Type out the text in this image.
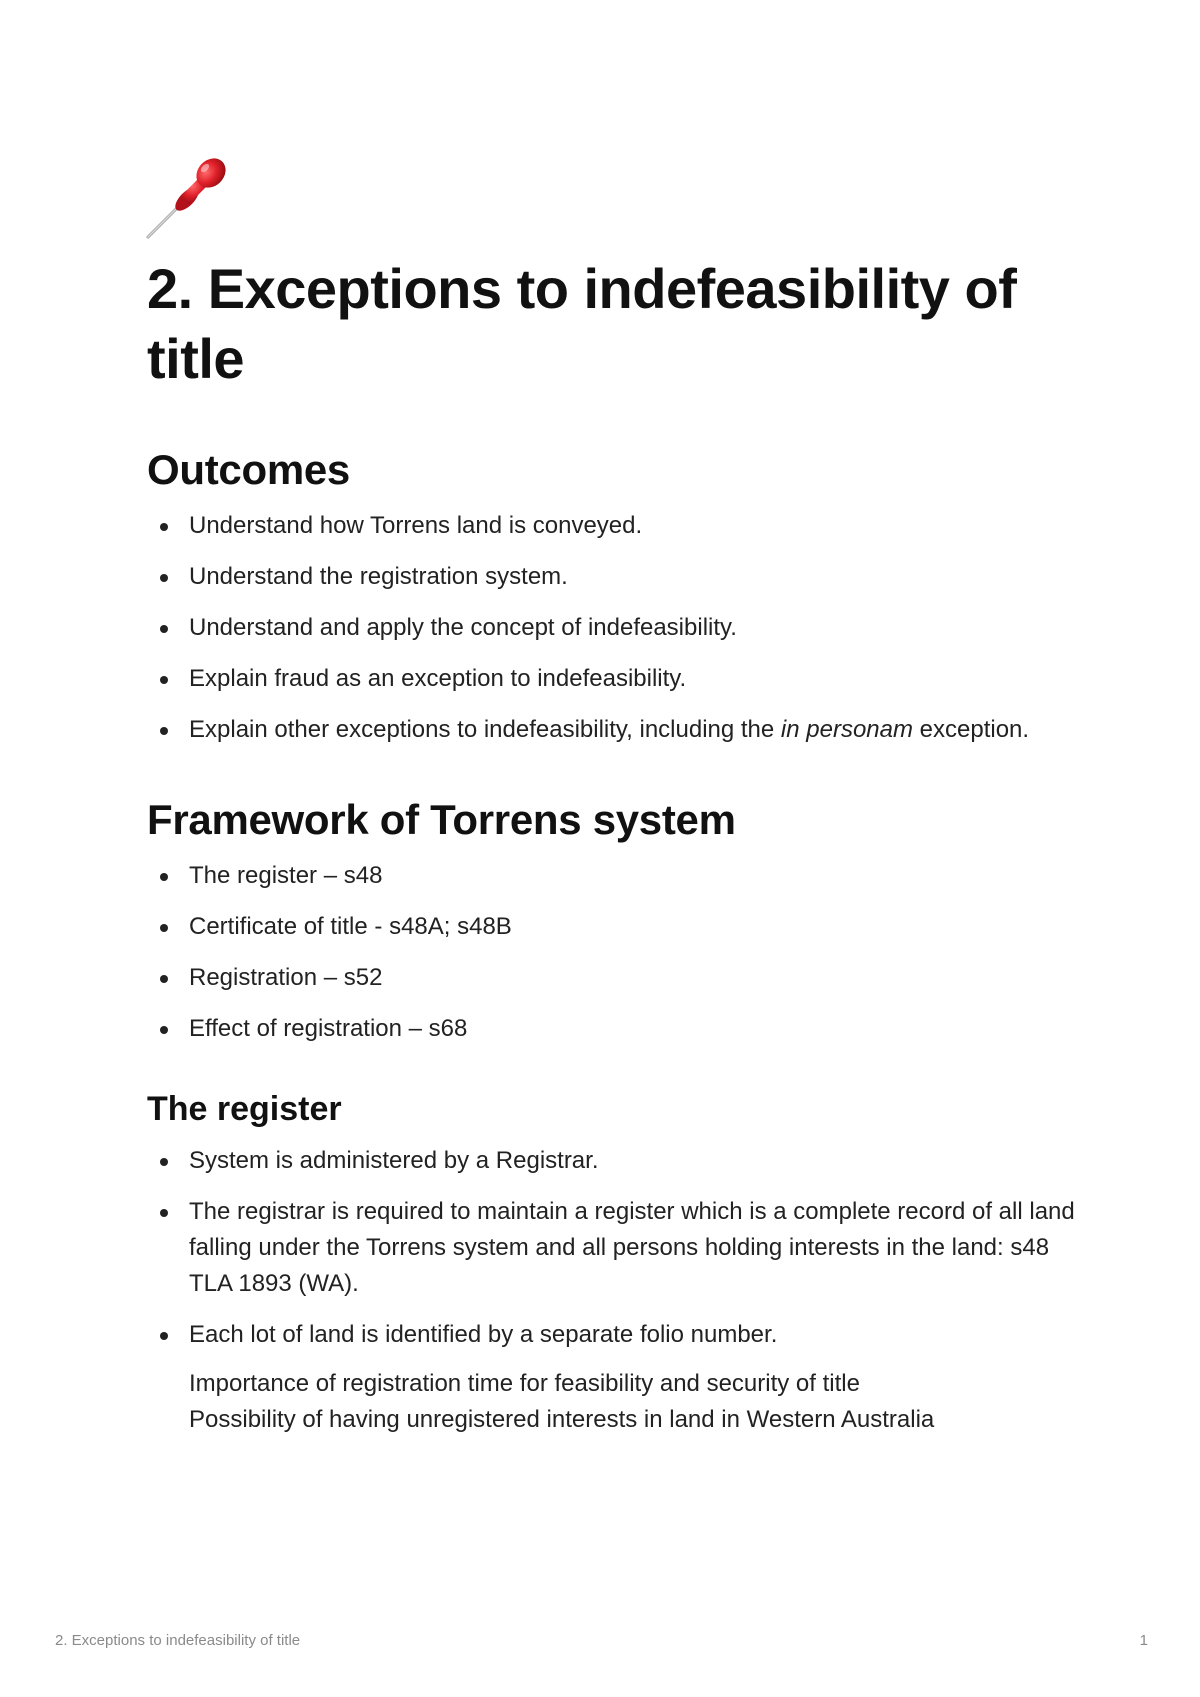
2. Exceptions to indefeasibility of title
Outcomes
Understand how Torrens land is conveyed.
Understand the registration system.
Understand and apply the concept of indefeasibility.
Explain fraud as an exception to indefeasibility.
Explain other exceptions to indefeasibility, including the in personam exception.
Framework of Torrens system
The register – s48
Certificate of title - s48A; s48B
Registration – s52
Effect of registration – s68
The register
System is administered by a Registrar.
The registrar is required to maintain a register which is a complete record of all land falling under the Torrens system and all persons holding interests in the land: s48 TLA 1893 (WA).
Each lot of land is identified by a separate folio number.

Importance of registration time for feasibility and security of title

Possibility of having unregistered interests in land in Western Australia

2. Exceptions to indefeasibility of title	1
